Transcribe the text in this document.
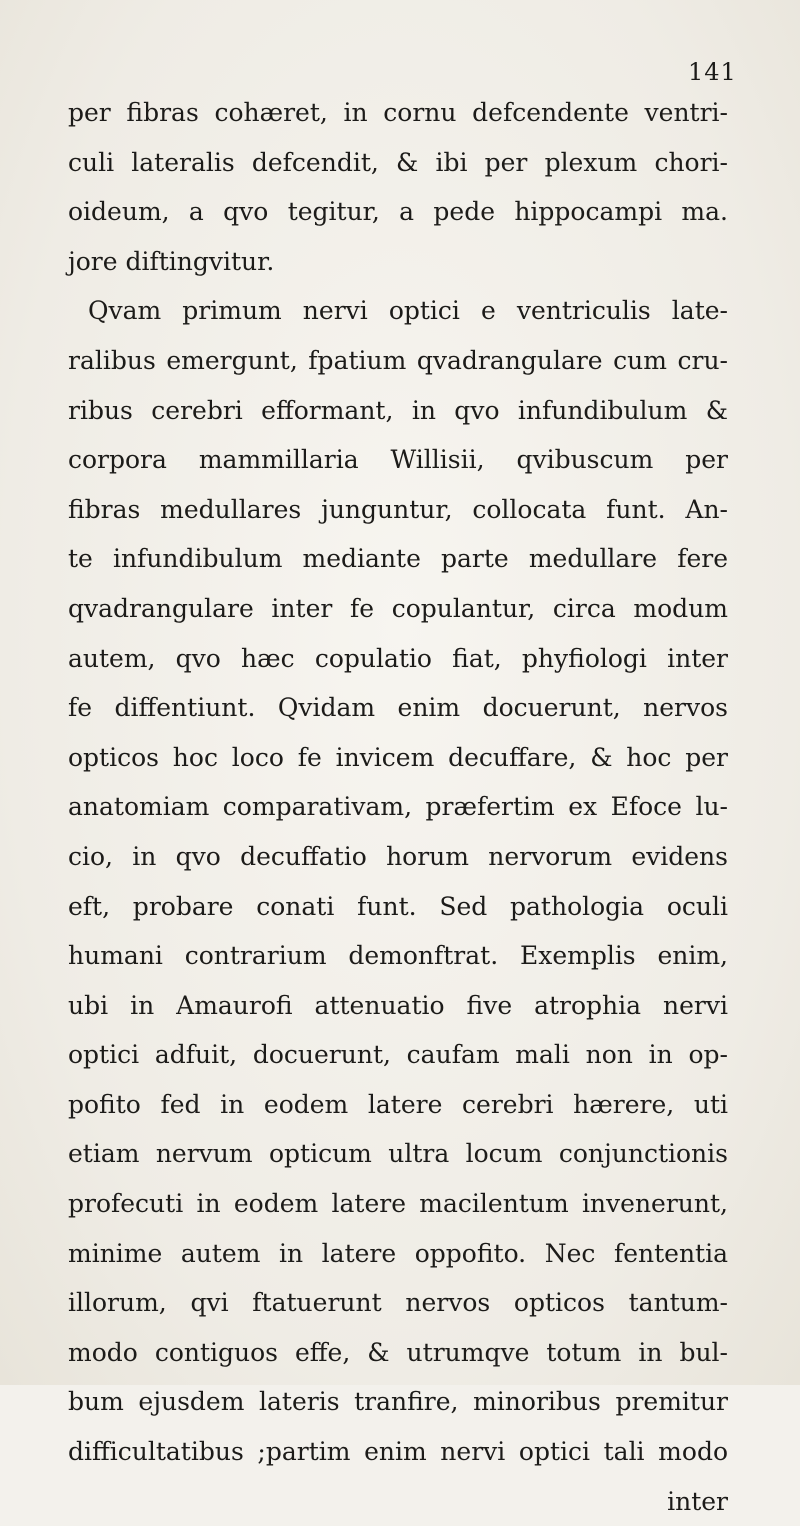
141
per fibras cohæret, in cornu defcendente ventri-
culi lateralis defcendit, & ibi per plexum chori-
oideum, a qvo tegitur, a pede hippocampi ma.
jore diftingvitur.
Qvam primum nervi optici e ventriculis late-
ralibus emergunt, fpatium qvadrangulare cum cru-
ribus cerebri efformant, in qvo infundibulum &
corpora mammillaria Willisii, qvibuscum per
fibras medullares junguntur, collocata funt. An-
te infundibulum mediante parte medullare fere
qvadrangulare inter fe copulantur, circa modum
autem, qvo hæc copulatio fiat, phyfiologi inter
fe diffentiunt. Qvidam enim docuerunt, nervos
opticos hoc loco fe invicem decuffare, & hoc per
anatomiam comparativam, præfertim ex Efoce lu-
cio, in qvo decuffatio horum nervorum evidens
eft, probare conati funt. Sed pathologia oculi
humani contrarium demonftrat. Exemplis enim,
ubi in Amaurofi attenuatio five atrophia nervi
optici adfuit, docuerunt, caufam mali non in op-
pofito fed in eodem latere cerebri hærere, uti
etiam nervum opticum ultra locum conjunctionis
profecuti in eodem latere macilentum invenerunt,
minime autem in latere oppofito. Nec fententia
illorum, qvi ftatuerunt nervos opticos tantum-
modo contiguos effe, & utrumqve totum in bul-
bum ejusdem lateris tranfire, minoribus premitur
difficultatibus ;partim enim nervi optici tali modo
inter
